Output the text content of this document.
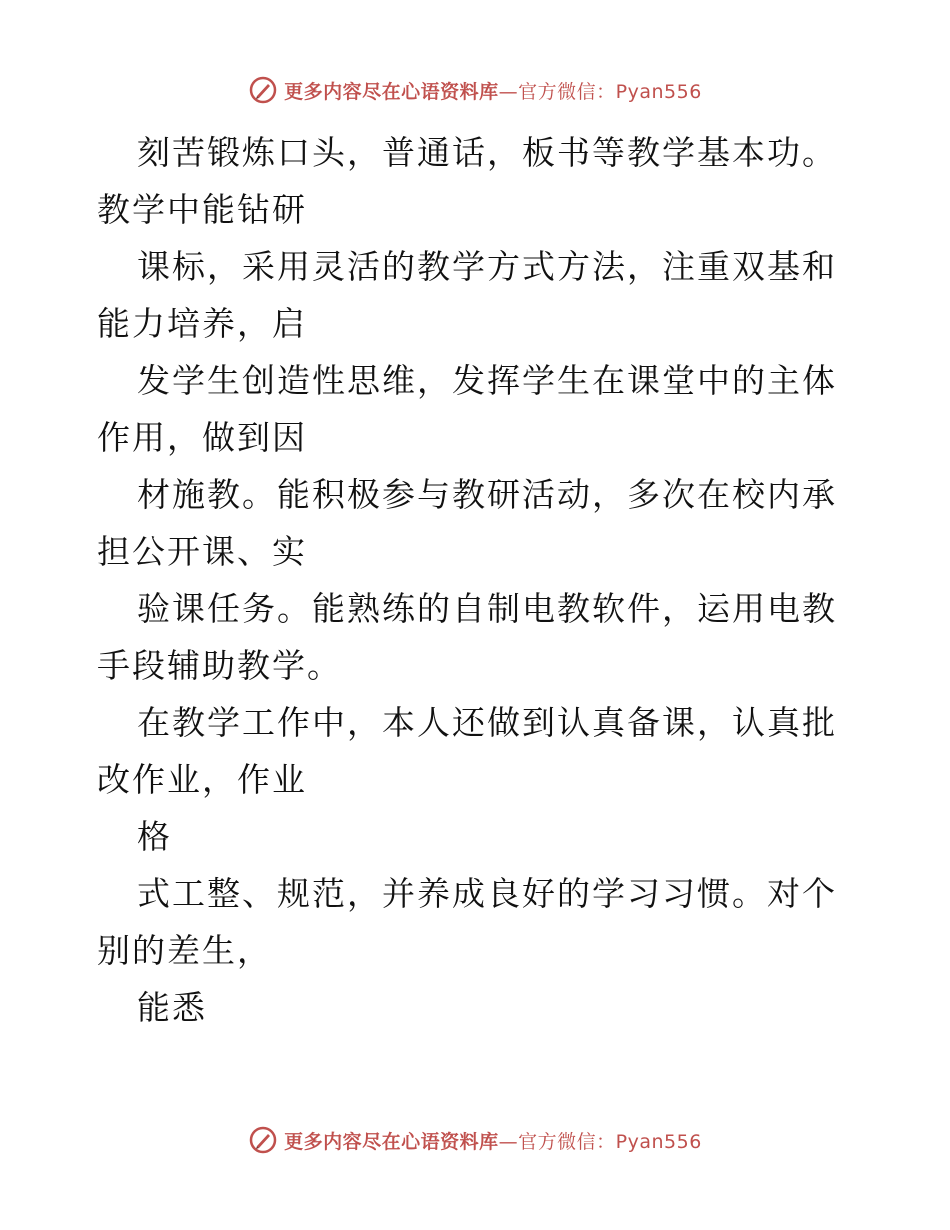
更多内容尽在心语资料库—官方微信：Pyan556

刻苦锻炼口头，普通话，板书等教学基本功。教学中能钻研

课标，采用灵活的教学方式方法，注重双基和能力培养，启

发学生创造性思维，发挥学生在课堂中的主体作用，做到因

材施教。能积极参与教研活动，多次在校内承担公开课、实

验课任务。能熟练的自制电教软件，运用电教手段辅助教学。

在教学工作中，本人还做到认真备课，认真批改作业，作业

格

式工整、规范，并养成良好的学习习惯。对个别的差生，

能悉

更多内容尽在心语资料库—官方微信：Pyan556
